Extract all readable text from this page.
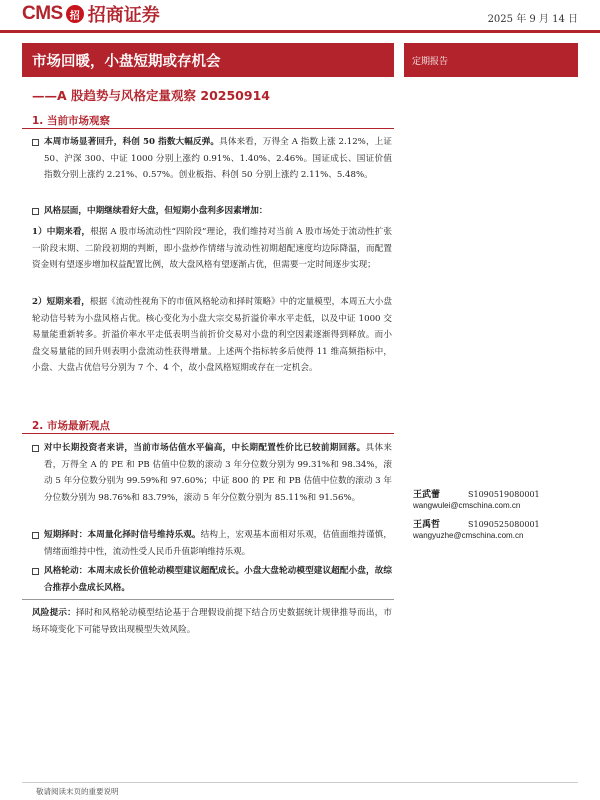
CMS 招 招商证券	2025 年 9 月 14 日
市场回暖，小盘短期或存机会	定期报告
——A 股趋势与风格定量观察 20250914
1. 当前市场观察
本周市场显著回升，科创 50 指数大幅反弹。具体来看，万得全 A 指数上涨 2.12%，上证 50、沪深 300、中证 1000 分别上涨约 0.91%、1.40%、2.46%。国证成长、国证价值指数分别上涨约 2.21%、0.57%。创业板指、科创 50 分别上涨约 2.11%、5.48%。
风格层面，中期继续看好大盘，但短期小盘利多因素增加：
1）中期来看，根据 A 股市场流动性“四阶段”理论，我们维持对当前 A 股市场处于流动性扩张一阶段末期、二阶段初期的判断，即小盘炒作情绪与流动性初期超配速度均边际降温，而配置资金则有望逐步增加权益配置比例，故大盘风格有望逐渐占优，但需要一定时间逐步实现；
2）短期来看，根据《流动性视角下的市值风格轮动和择时策略》中的定量模型，本周五大小盘轮动信号转为小盘风格占优。核心变化为小盘大宗交易折溢价率水平走低，以及中证 1000 交易量能重新转多。折溢价率水平走低表明当前折价交易对小盘的利空因素逐渐得到释放。而小盘交易量能的回升则表明小盘流动性获得增量。上述两个指标转多后使得 11 维高频指标中，小盘、大盘占优信号分别为 7 个、4 个，故小盘风格短期或存在一定机会。
2. 市场最新观点
对中长期投资者来讲，当前市场估值水平偏高，中长期配置性价比已较前期回落。具体来看，万得全 A 的 PE 和 PB 估值中位数的滚动 3 年分位数分别为 99.31%和 98.34%，滚动 5 年分位数分别为 99.59%和 97.60%；中证 800 的 PE 和 PB 估值中位数的滚动 3 年分位数分别为 98.76%和 83.79%，滚动 5 年分位数分别为 85.11%和 91.56%。
短期择时：本周量化择时信号维持乐观。结构上，宏观基本面相对乐观，估值面维持谨慎，情绪面维持中性，流动性受人民币升值影响维持乐观。
风格轮动：本周末成长价值轮动模型建议超配成长。小盘大盘轮动模型建议超配小盘，故综合推荐小盘成长风格。
风险提示：择时和风格轮动模型结论基于合理假设前提下结合历史数据统计规律推导而出，市场环境变化下可能导致出现模型失效风险。
王武蕾	S1090519080001
wangwulei@cmschina.com.cn
王禹哲	S1090525080001
wangyuzhe@cmschina.com.cn
敬请阅读末页的重要说明
